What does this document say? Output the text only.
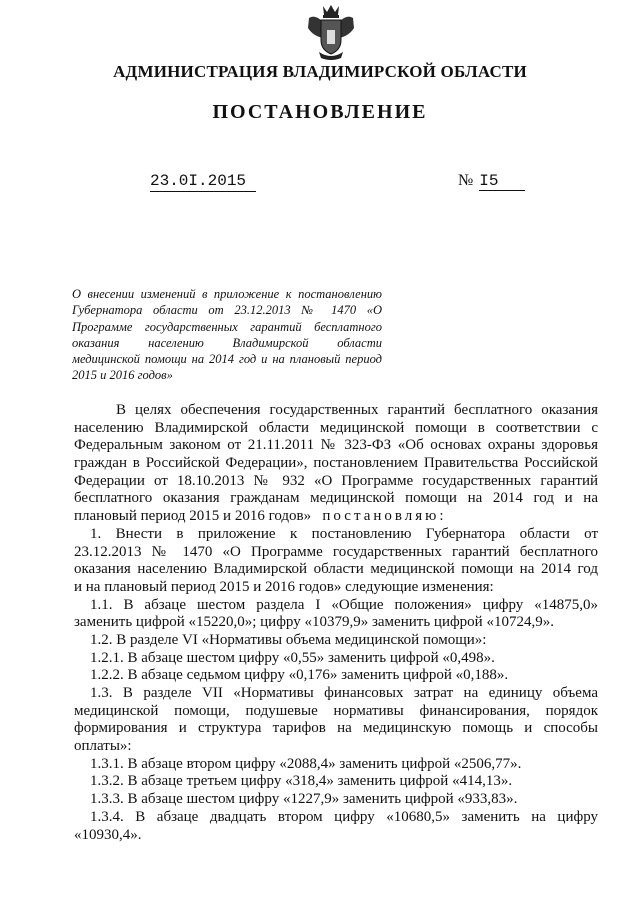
АДМИНИСТРАЦИЯ ВЛАДИМИРСКОЙ ОБЛАСТИ
ПОСТАНОВЛЕНИЕ
23.0I.2015	№ I5
О внесении изменений в приложение к постановлению
Губернатора области от 23.12.2013 № 1470 «О
Программе государственных гарантий бесплатного
оказания населению Владимирской области
медицинской помощи на 2014 год и на плановый период
2015 и 2016 годов»
В целях обеспечения государственных гарантий бесплатного оказания
населению Владимирской области медицинской помощи в соответствии с
Федеральным законом от 21.11.2011 № 323-ФЗ «Об основах охраны здоровья
граждан в Российской Федерации», постановлением Правительства Российской
Федерации от 18.10.2013 № 932 «О Программе государственных гарантий
бесплатного оказания гражданам медицинской помощи на 2014 год и на
плановый период 2015 и 2016 годов» постановляю:
1. Внести в приложение к постановлению Губернатора области от
23.12.2013 № 1470 «О Программе государственных гарантий бесплатного
оказания населению Владимирской области медицинской помощи на 2014 год
и на плановый период 2015 и 2016 годов» следующие изменения:
1.1. В абзаце шестом раздела I «Общие положения» цифру «14875,0»
заменить цифрой «15220,0»; цифру «10379,9» заменить цифрой «10724,9».
1.2. В разделе VI «Нормативы объема медицинской помощи»:
1.2.1. В абзаце шестом цифру «0,55» заменить цифрой «0,498».
1.2.2. В абзаце седьмом цифру «0,176» заменить цифрой «0,188».
1.3. В разделе VII «Нормативы финансовых затрат на единицу объема
медицинской помощи, подушевые нормативы финансирования, порядок
формирования и структура тарифов на медицинскую помощь и способы
оплаты»:
1.3.1. В абзаце втором цифру «2088,4» заменить цифрой «2506,77».
1.3.2. В абзаце третьем цифру «318,4» заменить цифрой «414,13».
1.3.3. В абзаце шестом цифру «1227,9» заменить цифрой «933,83».
1.3.4. В абзаце двадцать втором цифру «10680,5» заменить на цифру
«10930,4».
